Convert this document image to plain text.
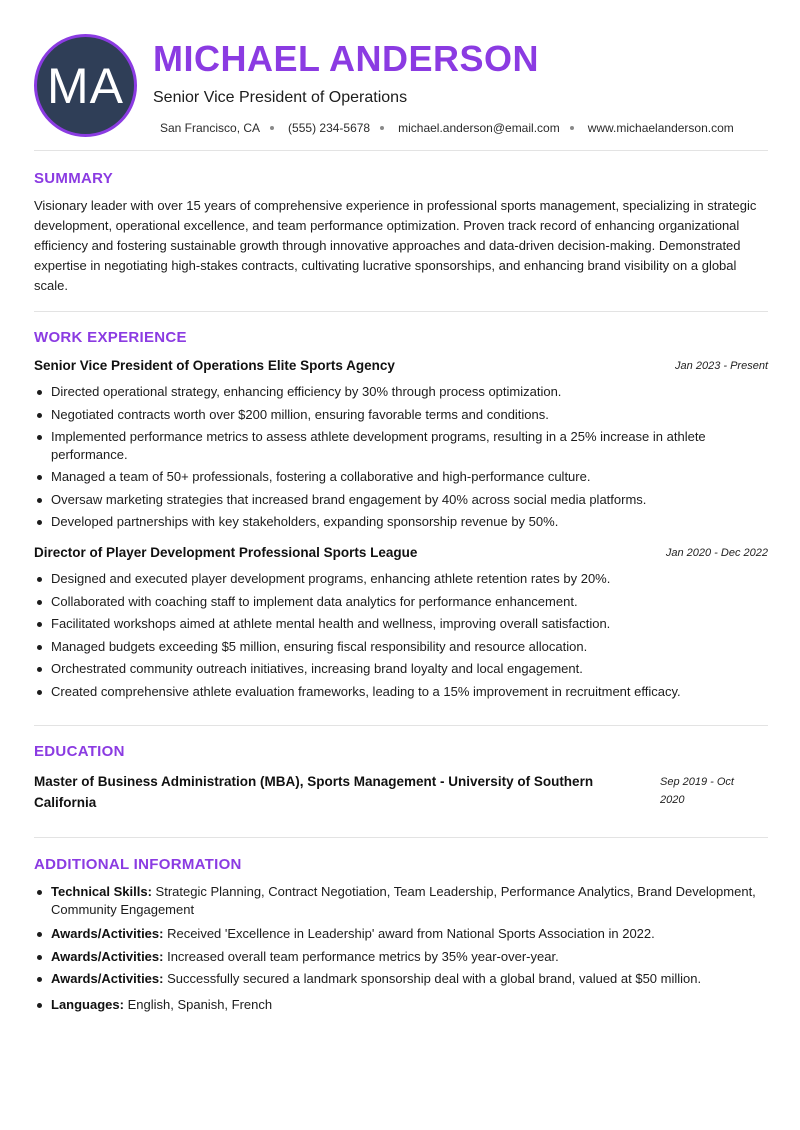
MA MICHAEL ANDERSON
Senior Vice President of Operations
San Francisco, CA (555) 234-5678 michael.anderson@email.com www.michaelanderson.com
SUMMARY
Visionary leader with over 15 years of comprehensive experience in professional sports management, specializing in strategic development, operational excellence, and team performance optimization. Proven track record of enhancing organizational efficiency and fostering sustainable growth through innovative approaches and data-driven decision-making. Demonstrated expertise in negotiating high-stakes contracts, cultivating lucrative sponsorships, and enhancing brand visibility on a global scale.
WORK EXPERIENCE
Senior Vice President of Operations Elite Sports Agency	Jan 2023 - Present
Directed operational strategy, enhancing efficiency by 30% through process optimization.
Negotiated contracts worth over $200 million, ensuring favorable terms and conditions.
Implemented performance metrics to assess athlete development programs, resulting in a 25% increase in athlete performance.
Managed a team of 50+ professionals, fostering a collaborative and high-performance culture.
Oversaw marketing strategies that increased brand engagement by 40% across social media platforms.
Developed partnerships with key stakeholders, expanding sponsorship revenue by 50%.
Director of Player Development Professional Sports League	Jan 2020 - Dec 2022
Designed and executed player development programs, enhancing athlete retention rates by 20%.
Collaborated with coaching staff to implement data analytics for performance enhancement.
Facilitated workshops aimed at athlete mental health and wellness, improving overall satisfaction.
Managed budgets exceeding $5 million, ensuring fiscal responsibility and resource allocation.
Orchestrated community outreach initiatives, increasing brand loyalty and local engagement.
Created comprehensive athlete evaluation frameworks, leading to a 15% improvement in recruitment efficacy.
EDUCATION
Master of Business Administration (MBA), Sports Management - University of Southern California
Sep 2019 - Oct 2020
ADDITIONAL INFORMATION
Technical Skills: Strategic Planning, Contract Negotiation, Team Leadership, Performance Analytics, Brand Development, Community Engagement
Awards/Activities: Received 'Excellence in Leadership' award from National Sports Association in 2022.
Awards/Activities: Increased overall team performance metrics by 35% year-over-year.
Awards/Activities: Successfully secured a landmark sponsorship deal with a global brand, valued at $50 million.
Languages: English, Spanish, French
